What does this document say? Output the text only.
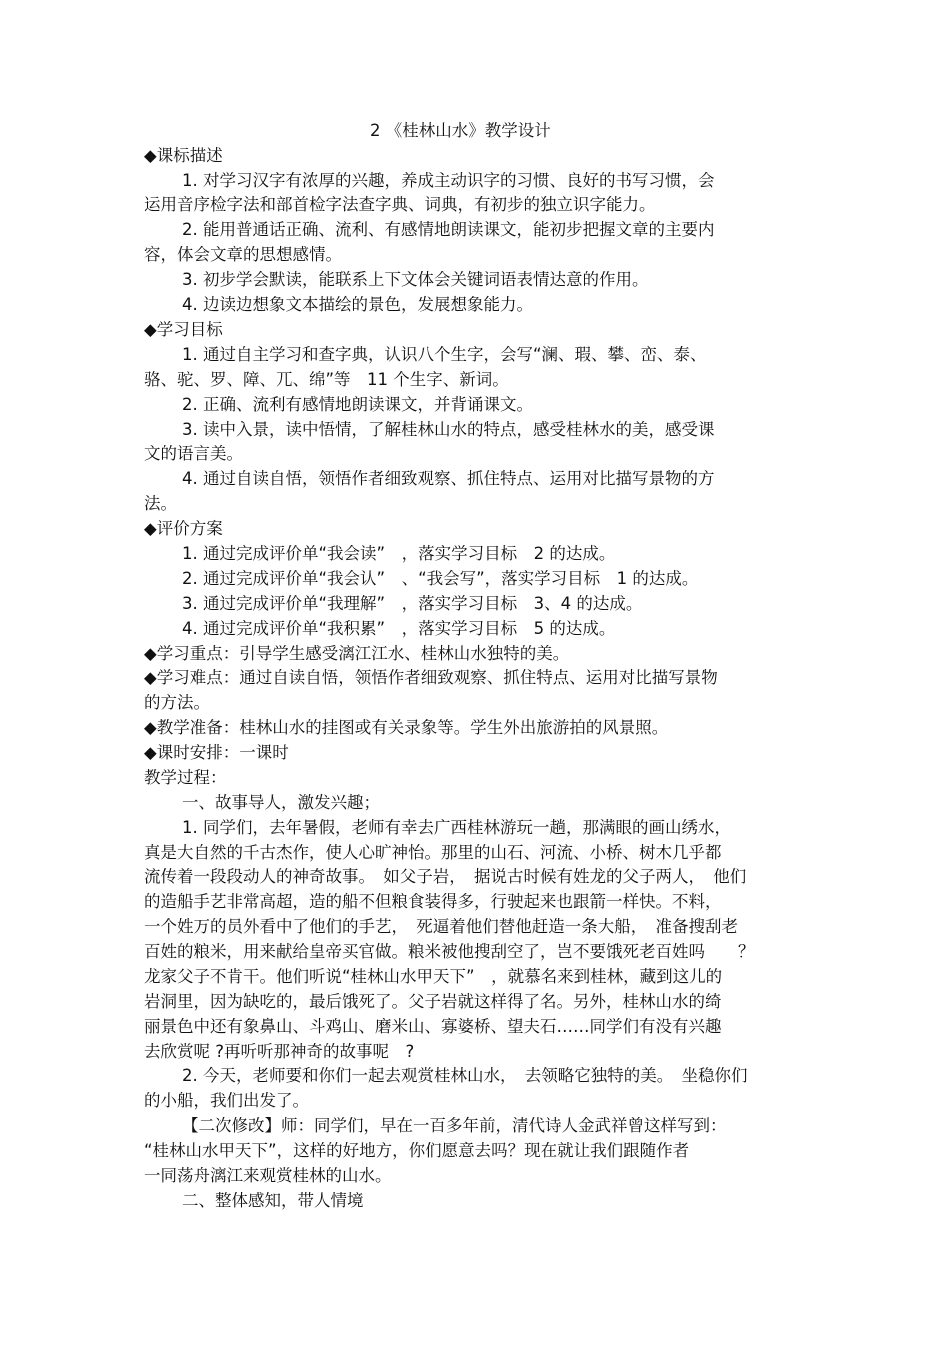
2 《桂林山水》教学设计
◆课标描述
1. 对学习汉字有浓厚的兴趣，养成主动识字的习惯、良好的书写习惯，会
运用音序检字法和部首检字法查字典、词典，有初步的独立识字能力。
2. 能用普通话正确、流利、有感情地朗读课文，能初步把握文章的主要内
容，体会文章的思想感情。
3. 初步学会默读，能联系上下文体会关键词语表情达意的作用。
4. 边读边想象文本描绘的景色，发展想象能力。
◆学习目标
1. 通过自主学习和查字典，认识八个生字，会写“澜、瑕、攀、峦、泰、
骆、驼、罗、障、兀、绵”等　11 个生字、新词。
2. 正确、流利有感情地朗读课文，并背诵课文。
3. 读中入景，读中悟情，了解桂林山水的特点，感受桂林水的美，感受课
文的语言美。
4. 通过自读自悟，领悟作者细致观察、抓住特点、运用对比描写景物的方
法。
◆评价方案
1. 通过完成评价单“我会读”　，落实学习目标　2 的达成。
2. 通过完成评价单“我会认”　、“我会写”，落实学习目标　1 的达成。
3. 通过完成评价单“我理解”　，落实学习目标　3、4 的达成。
4. 通过完成评价单“我积累”　，落实学习目标　5 的达成。
◆学习重点：引导学生感受漓江江水、桂林山水独特的美。
◆学习难点：通过自读自悟，领悟作者细致观察、抓住特点、运用对比描写景物
的方法。
◆教学准备：桂林山水的挂图或有关录象等。学生外出旅游拍的风景照。
◆课时安排：一课时
教学过程：
一、故事导人，激发兴趣；
1. 同学们，去年暑假，老师有幸去广西桂林游玩一趟，那满眼的画山绣水，
真是大自然的千古杰作，使人心旷神怡。那里的山石、河流、小桥、树木几乎都
流传着一段段动人的神奇故事。　如父子岩，　据说古时候有姓龙的父子两人，　他们
的造船手艺非常高超，造的船不但粮食装得多，行驶起来也跟箭一样快。不料，
一个姓万的员外看中了他们的手艺，　死逼着他们替他赶造一条大船，　准备搜刮老
百姓的粮米，用来献给皇帝买官做。粮米被他搜刮空了，岂不要饿死老百姓吗　　？
龙家父子不肯干。他们听说“桂林山水甲天下”　，就慕名来到桂林，藏到这儿的
岩洞里，因为缺吃的，最后饿死了。父子岩就这样得了名。另外，桂林山水的绮
丽景色中还有象鼻山、斗鸡山、磨米山、寡婆桥、望夫石……同学们有没有兴趣
去欣赏呢 ?再听听那神奇的故事呢　?
2. 今天，老师要和你们一起去观赏桂林山水，　去领略它独特的美。　坐稳你们
的小船，我们出发了。
【二次修改】师：同学们，早在一百多年前，清代诗人金武祥曾这样写到：
“桂林山水甲天下”，这样的好地方，你们愿意去吗？现在就让我们跟随作者
一同荡舟漓江来观赏桂林的山水。
二、整体感知，带人情境
